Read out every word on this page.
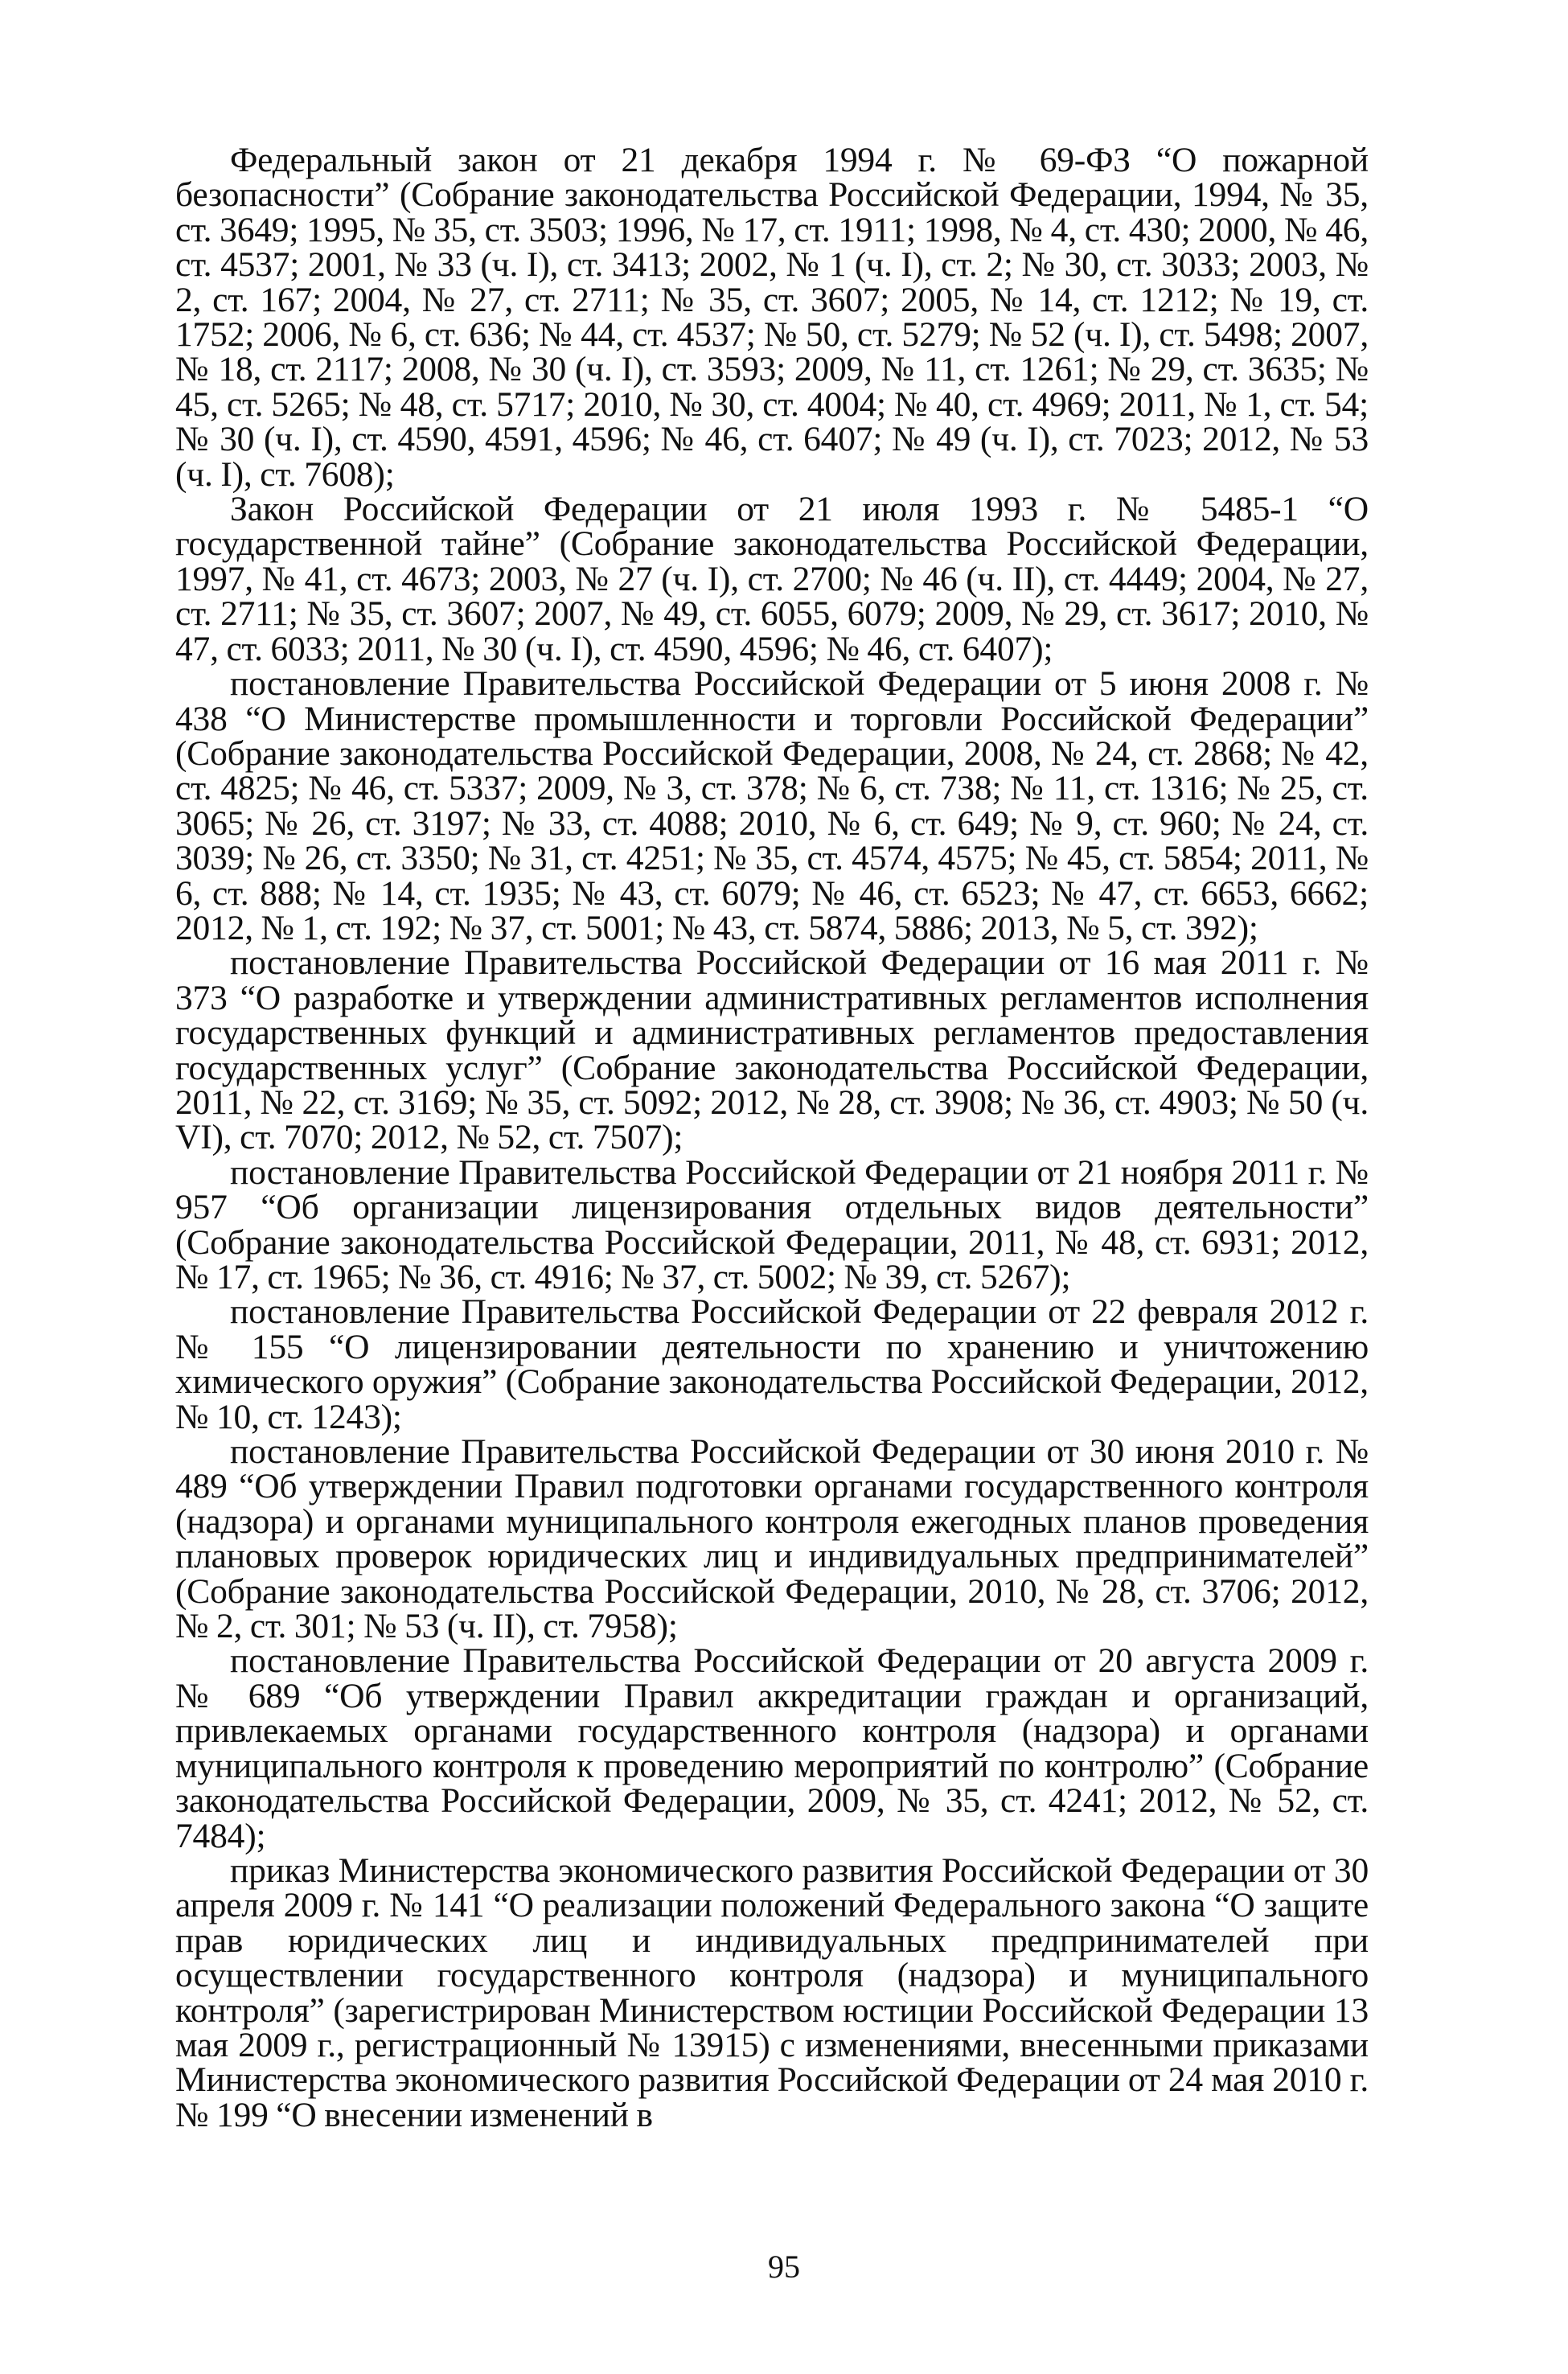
Федеральный закон от 21 декабря 1994 г. № 69-ФЗ “О пожарной безопасности” (Собрание законодательства Российской Федерации, 1994, № 35, ст. 3649; 1995, № 35, ст. 3503; 1996, № 17, ст. 1911; 1998, № 4, ст. 430; 2000, № 46, ст. 4537; 2001, № 33 (ч. I), ст. 3413; 2002, № 1 (ч. I), ст. 2; № 30, ст. 3033; 2003, № 2, ст. 167; 2004, № 27, ст. 2711; № 35, ст. 3607; 2005, № 14, ст. 1212; № 19, ст. 1752; 2006, № 6, ст. 636; № 44, ст. 4537; № 50, ст. 5279; № 52 (ч. I), ст. 5498; 2007, № 18, ст. 2117; 2008, № 30 (ч. I), ст. 3593; 2009, № 11, ст. 1261; № 29, ст. 3635; № 45, ст. 5265; № 48, ст. 5717; 2010, № 30, ст. 4004; № 40, ст. 4969; 2011, № 1, ст. 54; № 30 (ч. I), ст. 4590, 4591, 4596; № 46, ст. 6407; № 49 (ч. I), ст. 7023; 2012, № 53 (ч. I), ст. 7608);

Закон Российской Федерации от 21 июля 1993 г. № 5485-1 “О государственной тайне” (Собрание законодательства Российской Федерации, 1997, № 41, ст. 4673; 2003, № 27 (ч. I), ст. 2700; № 46 (ч. II), ст. 4449; 2004, № 27, ст. 2711; № 35, ст. 3607; 2007, № 49, ст. 6055, 6079; 2009, № 29, ст. 3617; 2010, № 47, ст. 6033; 2011, № 30 (ч. I), ст. 4590, 4596; № 46, ст. 6407);

постановление Правительства Российской Федерации от 5 июня 2008 г. № 438 “О Министерстве промышленности и торговли Российской Федерации” (Собрание законодательства Российской Федерации, 2008, № 24, ст. 2868; № 42, ст. 4825; № 46, ст. 5337; 2009, № 3, ст. 378; № 6, ст. 738; № 11, ст. 1316; № 25, ст. 3065; № 26, ст. 3197; № 33, ст. 4088; 2010, № 6, ст. 649; № 9, ст. 960; № 24, ст. 3039; № 26, ст. 3350; № 31, ст. 4251; № 35, ст. 4574, 4575; № 45, ст. 5854; 2011, № 6, ст. 888; № 14, ст. 1935; № 43, ст. 6079; № 46, ст. 6523; № 47, ст. 6653, 6662; 2012, № 1, ст. 192; № 37, ст. 5001; № 43, ст. 5874, 5886; 2013, № 5, ст. 392);

постановление Правительства Российской Федерации от 16 мая 2011 г. № 373 “О разработке и утверждении административных регламентов исполнения государственных функций и административных регламентов предоставления государственных услуг” (Собрание законодательства Российской Федерации, 2011, № 22, ст. 3169; № 35, ст. 5092; 2012, № 28, ст. 3908; № 36, ст. 4903; № 50 (ч. VI), ст. 7070; 2012, № 52, ст. 7507);

постановление Правительства Российской Федерации от 21 ноября 2011 г. № 957 “Об организации лицензирования отдельных видов деятельности” (Собрание законодательства Российской Федерации, 2011, № 48, ст. 6931; 2012, № 17, ст. 1965; № 36, ст. 4916; № 37, ст. 5002; № 39, ст. 5267);

постановление Правительства Российской Федерации от 22 февраля 2012 г. № 155 “О лицензировании деятельности по хранению и уничтожению химического оружия” (Собрание законодательства Российской Федерации, 2012, № 10, ст. 1243);

постановление Правительства Российской Федерации от 30 июня 2010 г. № 489 “Об утверждении Правил подготовки органами государственного контроля (надзора) и органами муниципального контроля ежегодных планов проведения плановых проверок юридических лиц и индивидуальных предпринимателей” (Собрание законодательства Российской Федерации, 2010, № 28, ст. 3706; 2012, № 2, ст. 301; № 53 (ч. II), ст. 7958);

постановление Правительства Российской Федерации от 20 августа 2009 г. № 689 “Об утверждении Правил аккредитации граждан и организаций, привлекаемых органами государственного контроля (надзора) и органами муниципального контроля к проведению мероприятий по контролю” (Собрание законодательства Российской Федерации, 2009, № 35, ст. 4241; 2012, № 52, ст. 7484);

приказ Министерства экономического развития Российской Федерации от 30 апреля 2009 г. № 141 “О реализации положений Федерального закона “О защите прав юридических лиц и индивидуальных предпринимателей при осуществлении государственного контроля (надзора) и муниципального контроля” (зарегистрирован Министерством юстиции Российской Федерации 13 мая 2009 г., регистрационный № 13915) с изменениями, внесенными приказами Министерства экономического развития Российской Федерации от 24 мая 2010 г. № 199 “О внесении изменений в

95
